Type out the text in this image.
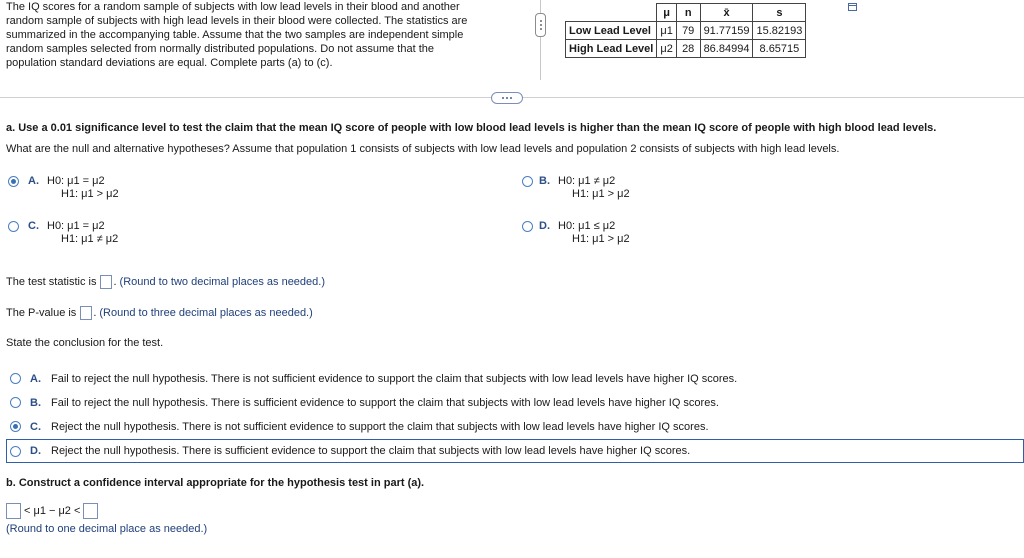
The IQ scores for a random sample of subjects with low lead levels in their blood and another
random sample of subjects with high lead levels in their blood were collected. The statistics are
summarized in the accompanying table. Assume that the two samples are independent simple
random samples selected from normally distributed populations. Do not assume that the
population standard deviations are equal. Complete parts (a) to (c).
	μ	n	x̄	s
Low Lead Level	μ1	79	91.77159	15.82193
High Lead Level	μ2	28	86.84994	8.65715
a. Use a 0.01 significance level to test the claim that the mean IQ score of people with low blood lead levels is higher than the mean IQ score of people with high blood lead levels.
What are the null and alternative hypotheses? Assume that population 1 consists of subjects with low lead levels and population 2 consists of subjects with high lead levels.
A. H0: μ1 = μ2
H1: μ1 > μ2
B. H0: μ1 ≠ μ2
H1: μ1 > μ2
C. H0: μ1 = μ2
H1: μ1 ≠ μ2
D. H0: μ1 ≤ μ2
H1: μ1 > μ2
The test statistic is . (Round to two decimal places as needed.)
The P-value is . (Round to three decimal places as needed.)
State the conclusion for the test.
A. Fail to reject the null hypothesis. There is not sufficient evidence to support the claim that subjects with low lead levels have higher IQ scores.
B. Fail to reject the null hypothesis. There is sufficient evidence to support the claim that subjects with low lead levels have higher IQ scores.
C. Reject the null hypothesis. There is not sufficient evidence to support the claim that subjects with low lead levels have higher IQ scores.
D. Reject the null hypothesis. There is sufficient evidence to support the claim that subjects with low lead levels have higher IQ scores.
b. Construct a confidence interval appropriate for the hypothesis test in part (a).
< μ1 − μ2 <
(Round to one decimal place as needed.)
